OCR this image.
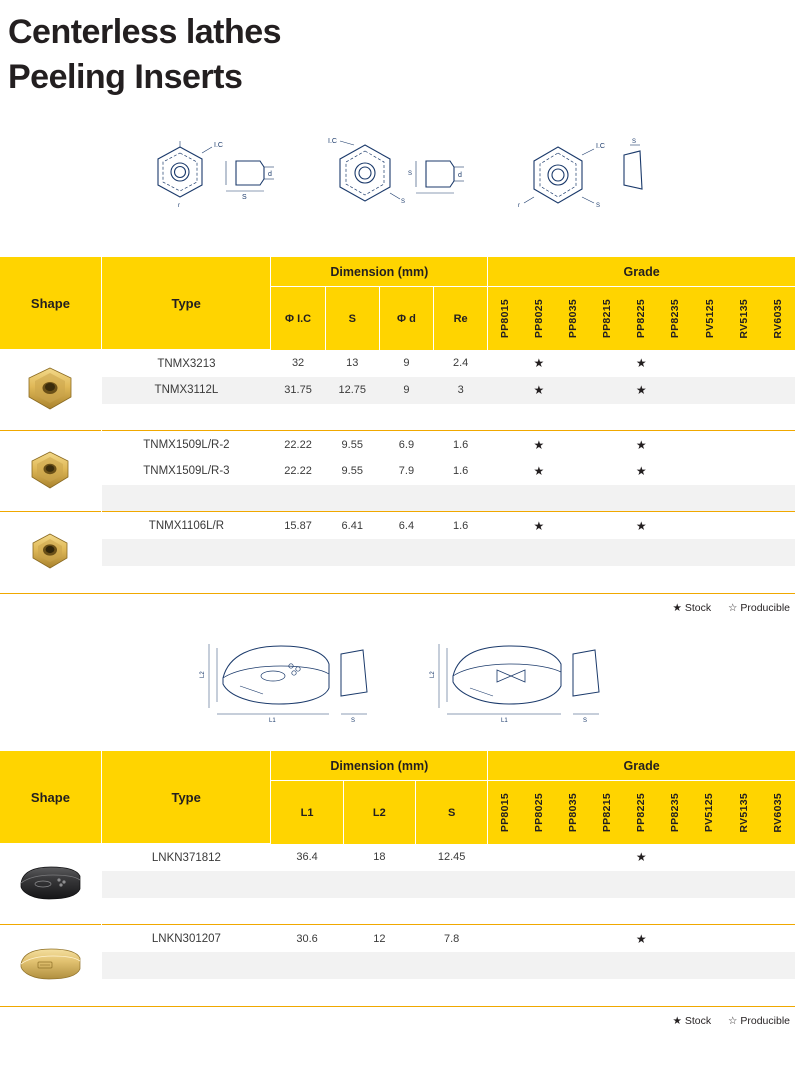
Centerless lathes
Peeling Inserts
I.C
d
S
r
I.C
S
d
S
I.C
r	S
S
Shape	Type	Dimension (mm)				Grade								
		Φ I.C	S	Φ d	Re	PP8015	PP8025	PP8035	PP8215	PP8225	PP8235	PV5125	RV5135	RV6035

	TNMX3213	32	13	9	2.4		★			★				
	TNMX3112L	31.75	12.75	9	3		★			★				

	TNMX1509L/R-2	22.22	9.55	6.9	1.6		★			★				
	TNMX1509L/R-3	22.22	9.55	7.9	1.6		★			★				

	TNMX1106L/R	15.87	6.41	6.4	1.6		★			★				

★ Stock ☆ Producible
L2
L1	S
L2
L1	S
Shape	Type	Dimension (mm)			Grade								
		L1	L2	S	PP8015	PP8025	PP8035	PP8215	PP8225	PP8235	PV5125	RV5135	RV6035

	LNKN371812	36.4	18	12.45					★				

	LNKN301207	30.6	12	7.8					★				

★ Stock ☆ Producible
